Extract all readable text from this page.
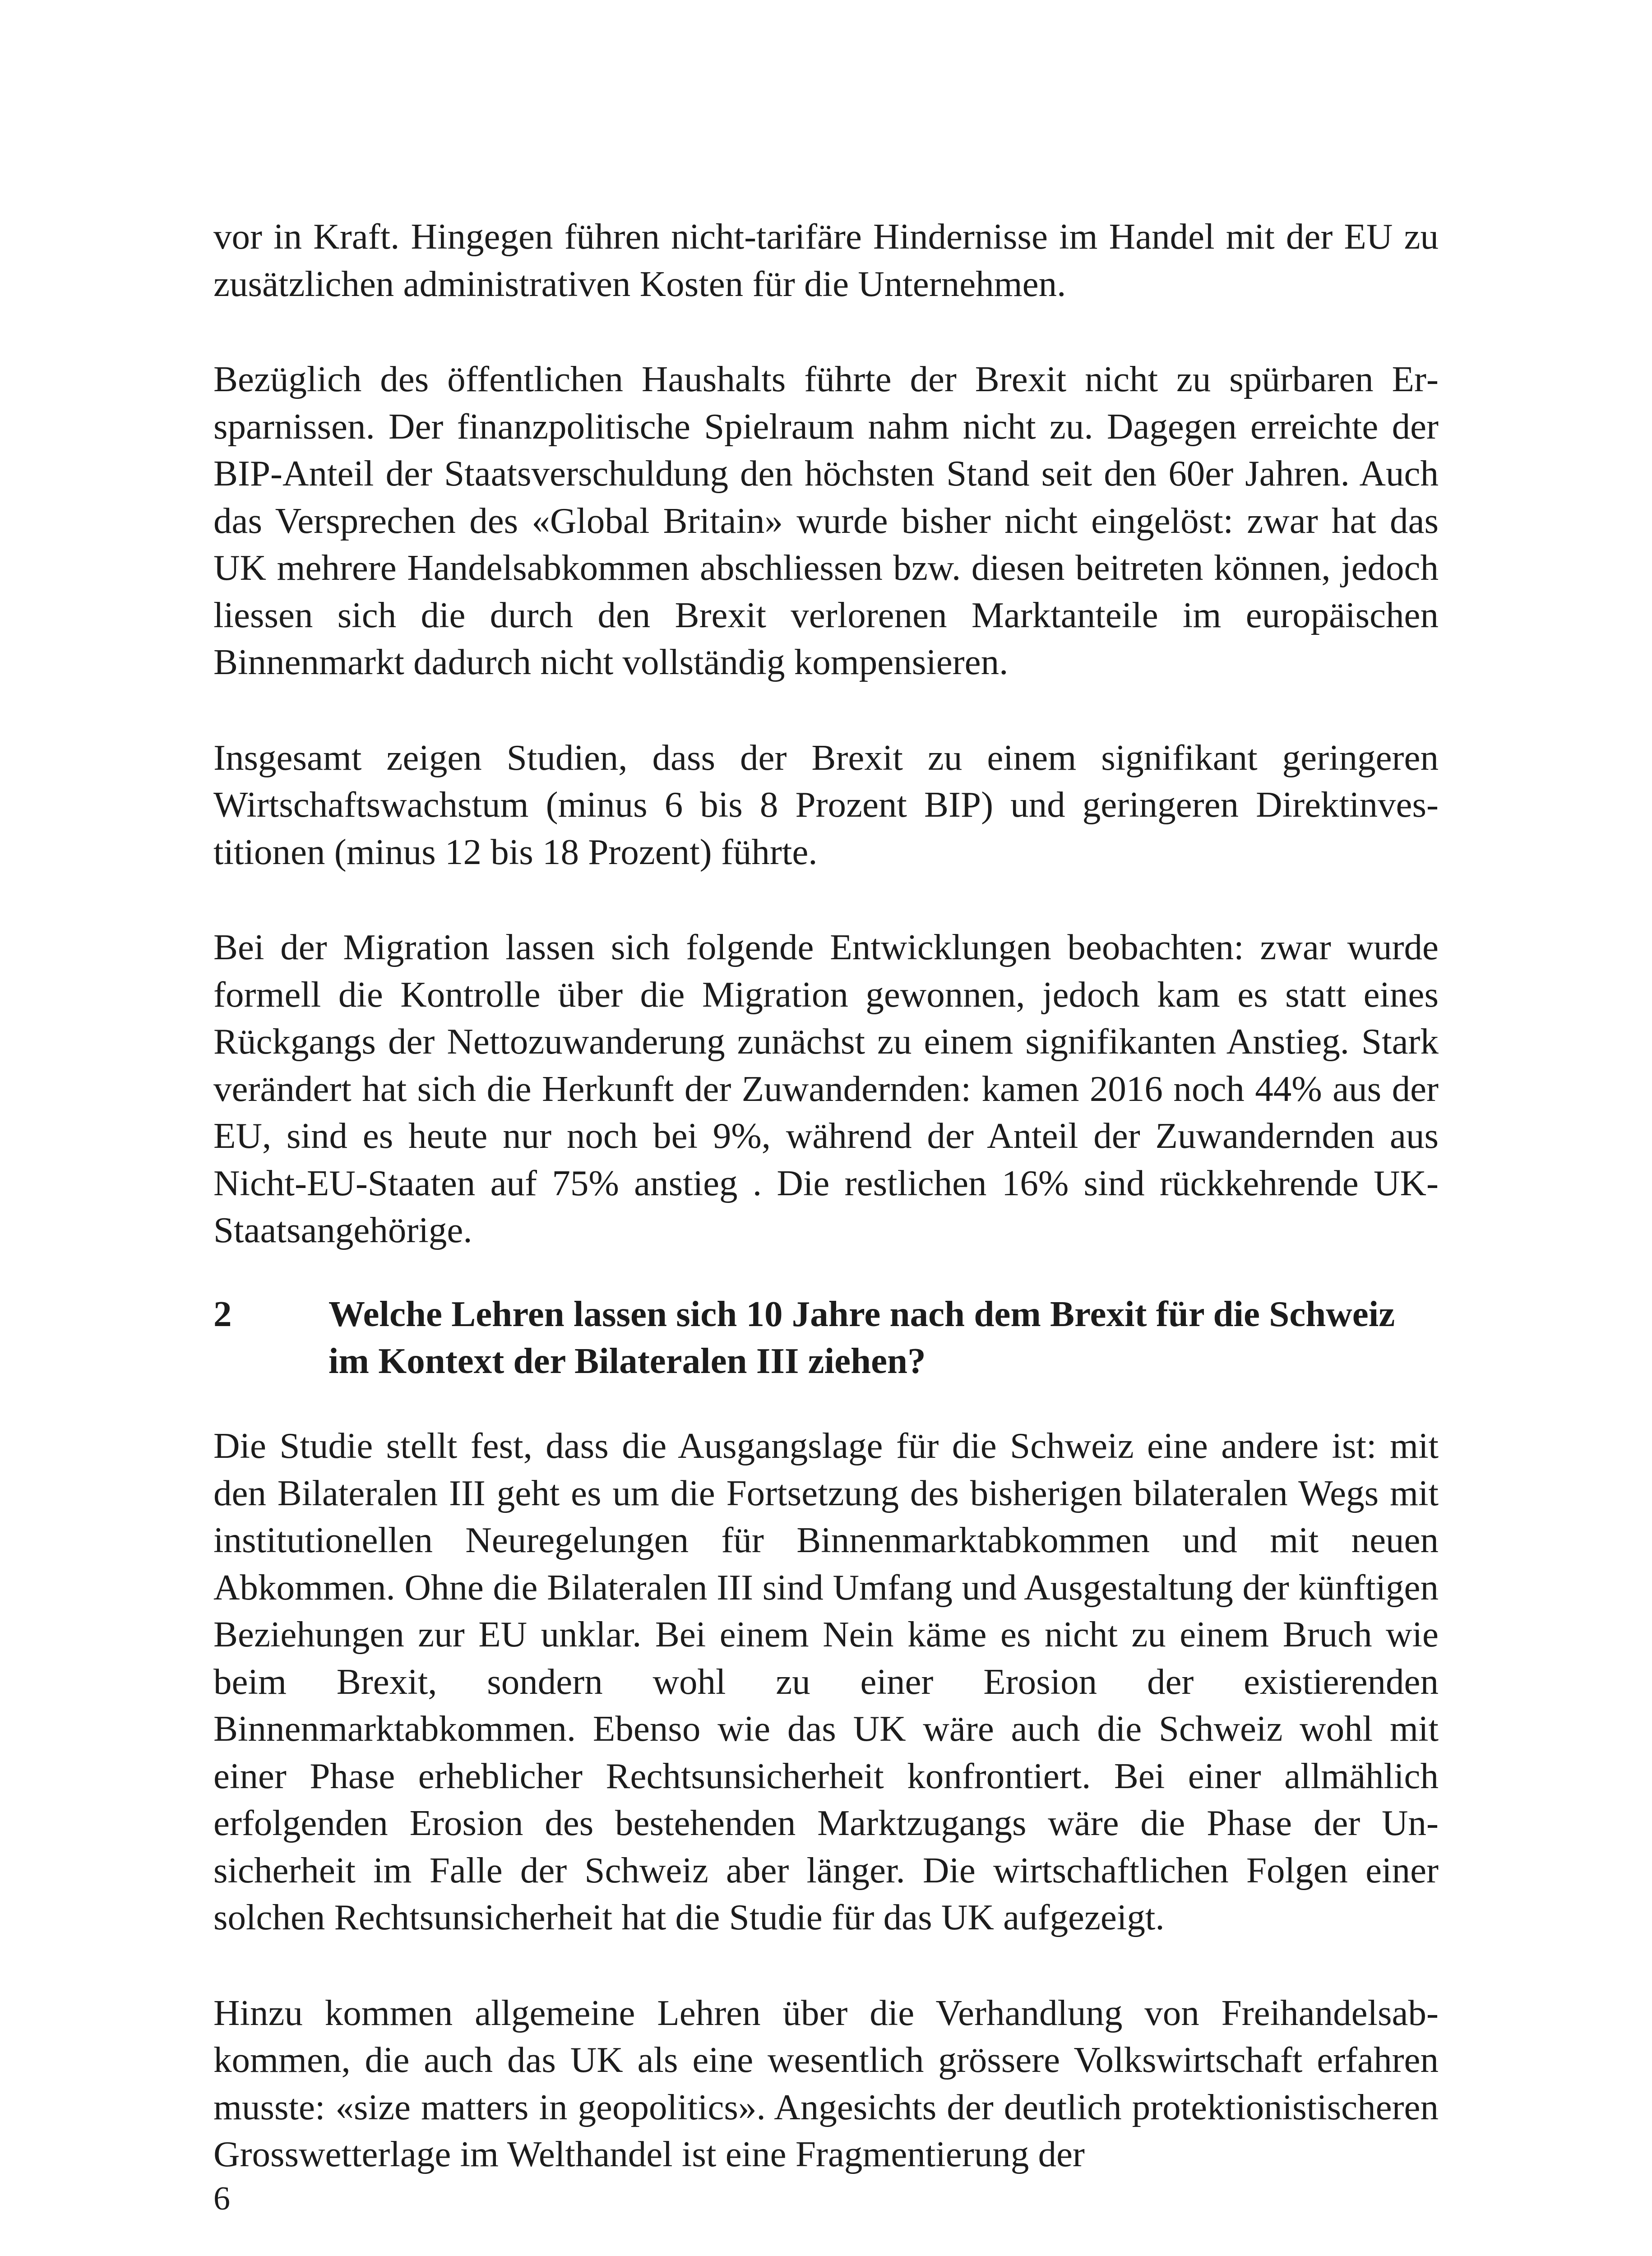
vor in Kraft. Hingegen führen nicht-tarifäre Hindernisse im Handel mit der EU zu zusätzlichen administrativen Kosten für die Unternehmen.

Bezüglich des öffentlichen Haushalts führte der Brexit nicht zu spürbaren Ersparnissen. Der finanzpolitische Spielraum nahm nicht zu. Dagegen erreichte der BIP-Anteil der Staatsverschuldung den höchsten Stand seit den 60er Jahren. Auch das Versprechen des «Global Britain» wurde bisher nicht eingelöst: zwar hat das UK mehrere Handelsabkommen abschliessen bzw. diesen beitreten können, jedoch liessen sich die durch den Brexit verlorenen Marktanteile im europäischen Binnenmarkt dadurch nicht vollständig kompensieren.

Insgesamt zeigen Studien, dass der Brexit zu einem signifikant geringeren Wirtschaftswachstum (minus 6 bis 8 Prozent BIP) und geringeren Direktinvestitionen (minus 12 bis 18 Prozent) führte.

Bei der Migration lassen sich folgende Entwicklungen beobachten: zwar wurde formell die Kontrolle über die Migration gewonnen, jedoch kam es statt eines Rückgangs der Nettozuwanderung zunächst zu einem signifikanten Anstieg. Stark verändert hat sich die Herkunft der Zuwandernden: kamen 2016 noch 44% aus der EU, sind es heute nur noch bei 9%, während der Anteil der Zuwandernden aus Nicht-EU-Staaten auf 75% anstieg . Die restlichen 16% sind rückkehrende UK-Staatsangehörige.

2	Welche Lehren lassen sich 10 Jahre nach dem Brexit für die Schweiz im Kontext der Bilateralen III ziehen?

Die Studie stellt fest, dass die Ausgangslage für die Schweiz eine andere ist: mit den Bilateralen III geht es um die Fortsetzung des bisherigen bilateralen Wegs mit institutionellen Neuregelungen für Binnenmarktabkommen und mit neuen Abkommen. Ohne die Bilateralen III sind Umfang und Ausgestaltung der künftigen Beziehungen zur EU unklar. Bei einem Nein käme es nicht zu einem Bruch wie beim Brexit, sondern wohl zu einer Erosion der existierenden Binnenmarktabkommen. Ebenso wie das UK wäre auch die Schweiz wohl mit einer Phase erheblicher Rechtsunsicherheit konfrontiert. Bei einer allmählich erfolgenden Erosion des bestehenden Marktzugangs wäre die Phase der Unsicherheit im Falle der Schweiz aber länger. Die wirtschaftlichen Folgen einer solchen Rechtsunsicherheit hat die Studie für das UK aufgezeigt.

Hinzu kommen allgemeine Lehren über die Verhandlung von Freihandelsabkommen, die auch das UK als eine wesentlich grössere Volkswirtschaft erfahren musste: «size matters in geopolitics». Angesichts der deutlich protektionistischeren Grosswetterlage im Welthandel ist eine Fragmentierung der

6
